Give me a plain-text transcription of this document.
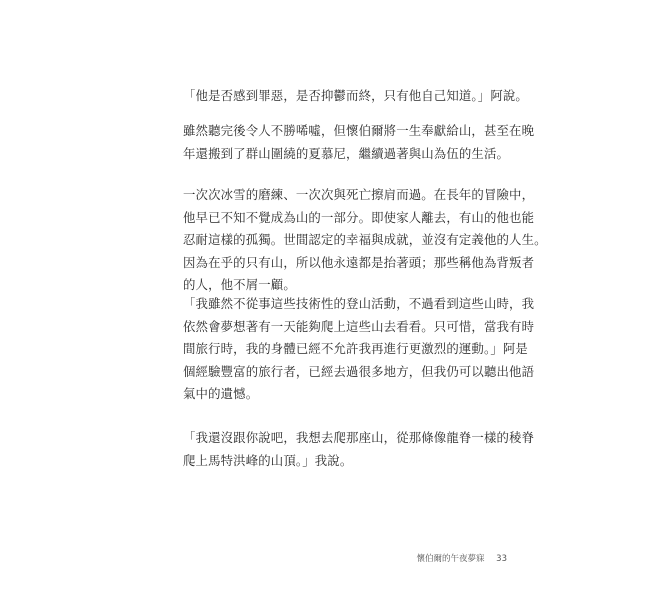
「他是否感到罪惡，是否抑鬱而終，只有他自己知道。」阿說。
雖然聽完後令人不勝唏噓，但懷伯爾將一生奉獻給山，甚至在晚
年還搬到了群山圍繞的夏慕尼，繼續過著與山為伍的生活。
一次次冰雪的磨練、一次次與死亡擦肩而過。在長年的冒險中，
他早已不知不覺成為山的一部分。即使家人離去，有山的他也能
忍耐這樣的孤獨。世間認定的幸福與成就，並沒有定義他的人生。
因為在乎的只有山，所以他永遠都是抬著頭；那些稱他為背叛者
的人，他不屑一顧。
「我雖然不從事這些技術性的登山活動，不過看到這些山時，我
依然會夢想著有一天能夠爬上這些山去看看。只可惜，當我有時
間旅行時，我的身體已經不允許我再進行更激烈的運動。」阿是
個經驗豐富的旅行者，已經去過很多地方，但我仍可以聽出他語
氣中的遺憾。
「我還沒跟你說吧，我想去爬那座山，從那條像龍脊一樣的稜脊
爬上馬特洪峰的山頂。」我說。
懷伯爾的午夜夢寐 33
